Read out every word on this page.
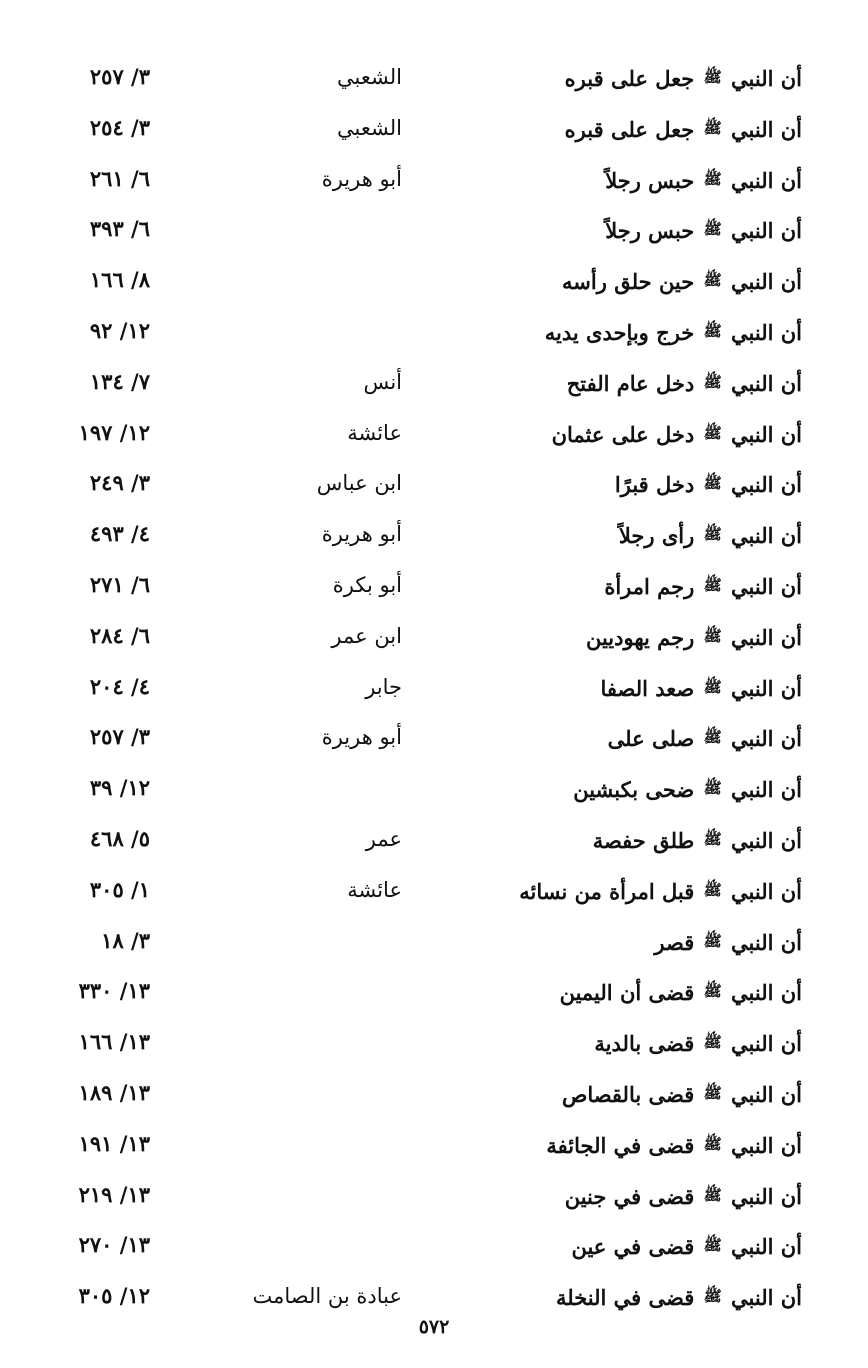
أن النبي ﷺ جعل على قبره
الشعبي
٣/ ٢٥٧
أن النبي ﷺ جعل على قبره
الشعبي
٣/ ٢٥٤
أن النبي ﷺ حبس رجلاً
أبو هريرة
٦/ ٢٦١
أن النبي ﷺ حبس رجلاً
٦/ ٣٩٣
أن النبي ﷺ حين حلق رأسه
٨/ ١٦٦
أن النبي ﷺ خرج وبإحدى يديه
١٢/ ٩٢
أن النبي ﷺ دخل عام الفتح
أنس
٧/ ١٣٤
أن النبي ﷺ دخل على عثمان
عائشة
١٢/ ١٩٧
أن النبي ﷺ دخل قبرًا
ابن عباس
٣/ ٢٤٩
أن النبي ﷺ رأى رجلاً
أبو هريرة
٤/ ٤٩٣
أن النبي ﷺ رجم امرأة
أبو بكرة
٦/ ٢٧١
أن النبي ﷺ رجم يهوديين
ابن عمر
٦/ ٢٨٤
أن النبي ﷺ صعد الصفا
جابر
٤/ ٢٠٤
أن النبي ﷺ صلى على
أبو هريرة
٣/ ٢٥٧
أن النبي ﷺ ضحى بكبشين
١٢/ ٣٩
أن النبي ﷺ طلق حفصة
عمر
٥/ ٤٦٨
أن النبي ﷺ قبل امرأة من نسائه
عائشة
١/ ٣٠٥
أن النبي ﷺ قصر
٣/ ١٨
أن النبي ﷺ قضى أن اليمين
١٣/ ٣٣٠
أن النبي ﷺ قضى بالدية
١٣/ ١٦٦
أن النبي ﷺ قضى بالقصاص
١٣/ ١٨٩
أن النبي ﷺ قضى في الجائفة
١٣/ ١٩١
أن النبي ﷺ قضى في جنين
١٣/ ٢١٩
أن النبي ﷺ قضى في عين
١٣/ ٢٧٠
أن النبي ﷺ قضى في النخلة
عبادة بن الصامت
١٢/ ٣٠٥
٥٧٢
